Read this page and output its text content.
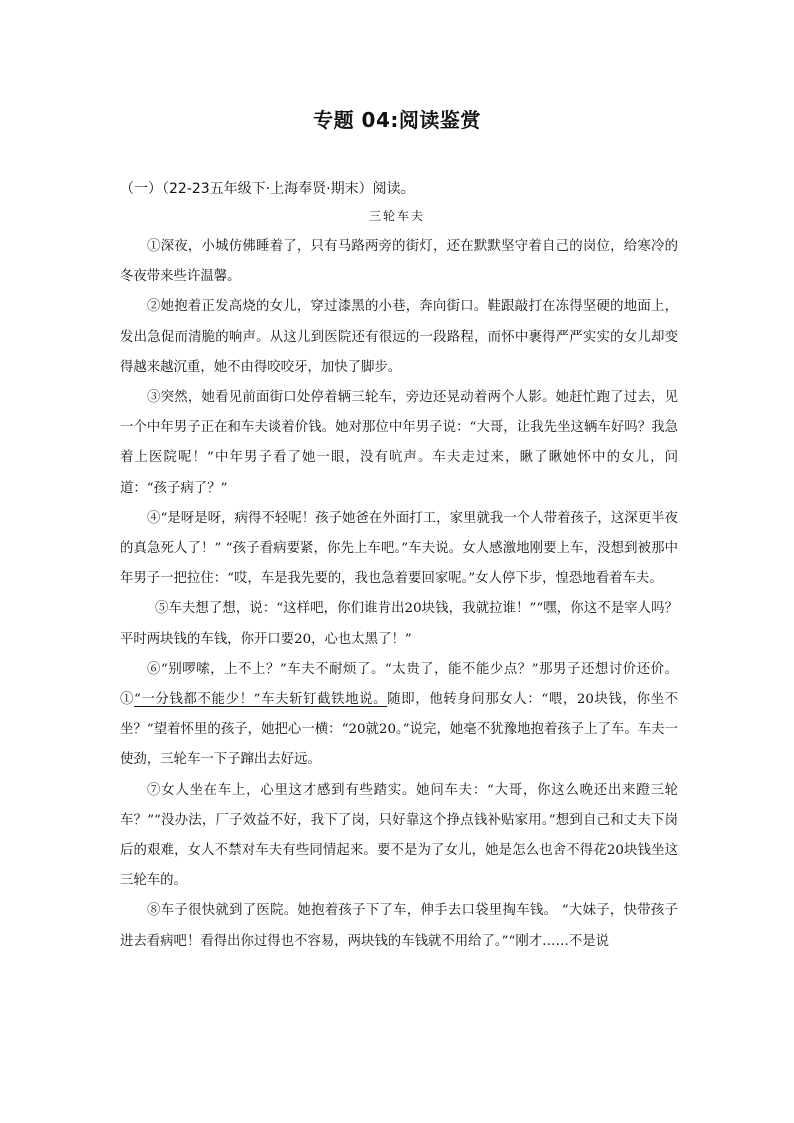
专题 04:阅读鉴赏
（一）（22-23五年级下·上海奉贤·期末）阅读。
三轮车夫

①深夜，小城仿佛睡着了，只有马路两旁的街灯，还在默默坚守着自己的岗位，给寒冷的冬夜带来些许温馨。

②她抱着正发高烧的女儿，穿过漆黑的小巷，奔向街口。鞋跟敲打在冻得坚硬的地面上，发出急促而清脆的响声。从这儿到医院还有很远的一段路程，而怀中裹得严严实实的女儿却变得越来越沉重，她不由得咬咬牙，加快了脚步。

③突然，她看见前面街口处停着辆三轮车，旁边还晃动着两个人影。她赶忙跑了过去，见一个中年男子正在和车夫谈着价钱。她对那位中年男子说：“大哥，让我先坐这辆车好吗？我急着上医院呢！”中年男子看了她一眼，没有吭声。车夫走过来，瞅了瞅她怀中的女儿，问道：“孩子病了？”

④“是呀是呀，病得不轻呢！孩子她爸在外面打工，家里就我一个人带着孩子，这深更半夜的真急死人了！” “孩子看病要紧，你先上车吧。”车夫说。女人感激地刚要上车，没想到被那中年男子一把拉住：“哎，车是我先要的，我也急着要回家呢。”女人停下步，惶恐地看着车夫。

⑤车夫想了想，说：“这样吧，你们谁肯出20块钱，我就拉谁！”“嘿，你这不是宰人吗？平时两块钱的车钱，你开口要20，心也太黑了！”

⑥“别啰嗦，上不上？”车夫不耐烦了。“太贵了，能不能少点？”那男子还想讨价还价。①“一分钱都不能少！”车夫斩钉截铁地说。随即，他转身问那女人：“喂，20块钱，你坐不坐？”望着怀里的孩子，她把心一横：“20就20。”说完，她毫不犹豫地抱着孩子上了车。车夫一使劲，三轮车一下子蹿出去好远。

⑦女人坐在车上，心里这才感到有些踏实。她问车夫：“大哥，你这么晚还出来蹬三轮车？”“没办法，厂子效益不好，我下了岗，只好靠这个挣点钱补贴家用。”想到自己和丈夫下岗后的艰难，女人不禁对车夫有些同情起来。要不是为了女儿，她是怎么也舍不得花20块钱坐这三轮车的。

⑧车子很快就到了医院。她抱着孩子下了车，伸手去口袋里掏车钱。 “大妹子，快带孩子进去看病吧！看得出你过得也不容易，两块钱的车钱就不用给了。”“刚才……不是说
